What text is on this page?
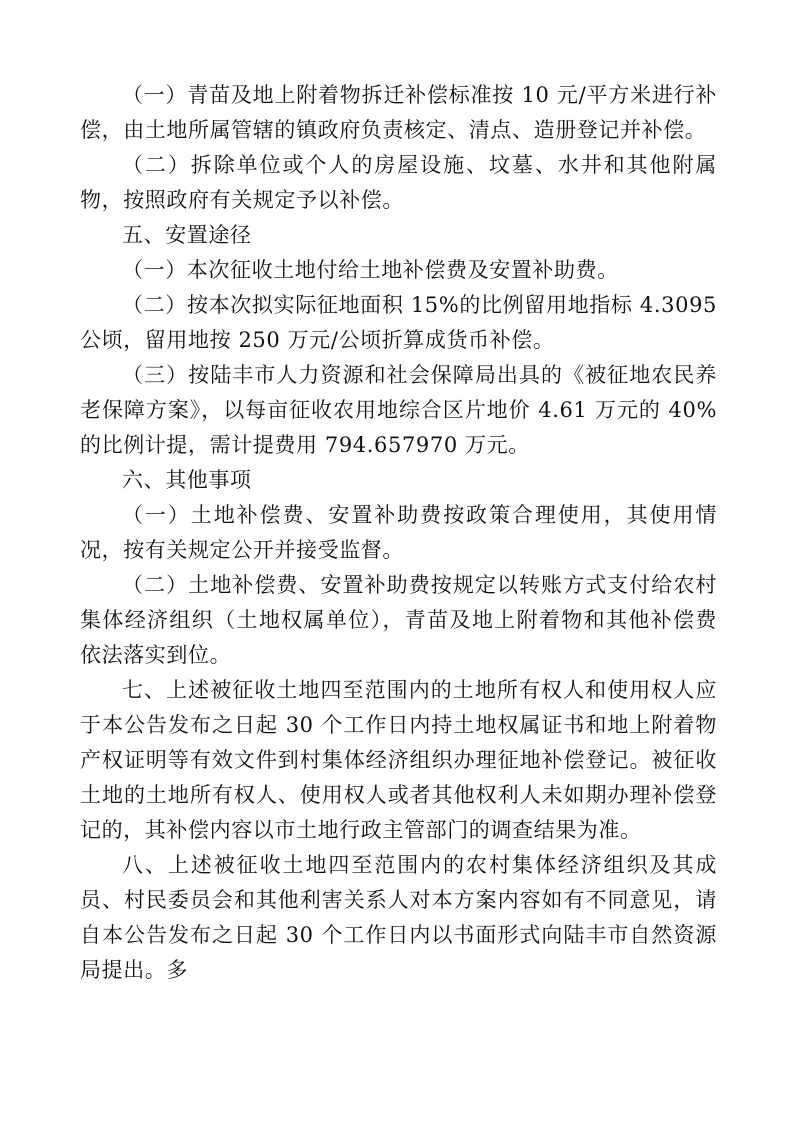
（一）青苗及地上附着物拆迁补偿标准按 10 元/平方米进行补偿，由土地所属管辖的镇政府负责核定、清点、造册登记并补偿。

（二）拆除单位或个人的房屋设施、坟墓、水井和其他附属物，按照政府有关规定予以补偿。

五、安置途径

（一）本次征收土地付给土地补偿费及安置补助费。

（二）按本次拟实际征地面积 15%的比例留用地指标 4.3095 公顷，留用地按 250 万元/公顷折算成货币补偿。

（三）按陆丰市人力资源和社会保障局出具的《被征地农民养老保障方案》，以每亩征收农用地综合区片地价 4.61 万元的 40%的比例计提，需计提费用 794.657970 万元。

六、其他事项

（一）土地补偿费、安置补助费按政策合理使用，其使用情况，按有关规定公开并接受监督。

（二）土地补偿费、安置补助费按规定以转账方式支付给农村集体经济组织（土地权属单位），青苗及地上附着物和其他补偿费依法落实到位。

七、上述被征收土地四至范围内的土地所有权人和使用权人应于本公告发布之日起 30 个工作日内持土地权属证书和地上附着物产权证明等有效文件到村集体经济组织办理征地补偿登记。被征收土地的土地所有权人、使用权人或者其他权利人未如期办理补偿登记的，其补偿内容以市土地行政主管部门的调查结果为准。

八、上述被征收土地四至范围内的农村集体经济组织及其成员、村民委员会和其他利害关系人对本方案内容如有不同意见，请自本公告发布之日起 30 个工作日内以书面形式向陆丰市自然资源局提出。多
